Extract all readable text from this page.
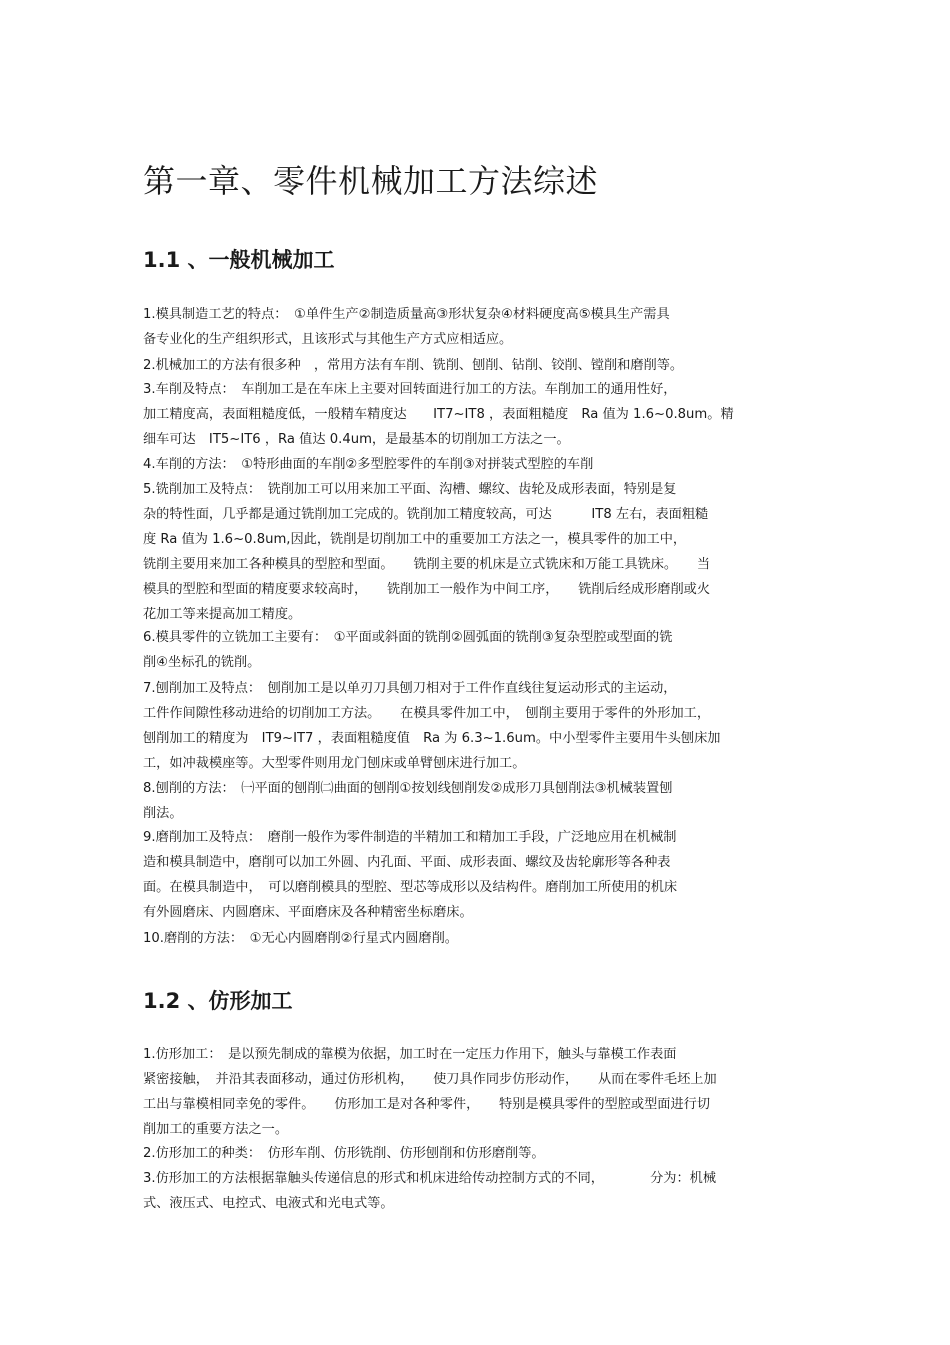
第一章、零件机械加工方法综述
1.1 、一般机械加工
1.模具制造工艺的特点：　①单件生产②制造质量高③形状复杂④材料硬度高⑤模具生产需具
备专业化的生产组织形式，且该形式与其他生产方式应相适应。
2.机械加工的方法有很多种　，常用方法有车削、铣削、刨削、钻削、铰削、镗削和磨削等。
3.车削及特点：　车削加工是在车床上主要对回转面进行加工的方法。车削加工的通用性好，
加工精度高，表面粗糙度低，一般精车精度达　　IT7~IT8 ，表面粗糙度　Ra 值为 1.6~0.8um。精
细车可达　IT5~IT6 ，Ra 值达 0.4um，是最基本的切削加工方法之一。
4.车削的方法：　①特形曲面的车削②多型腔零件的车削③对拼装式型腔的车削
5.铣削加工及特点：　铣削加工可以用来加工平面、沟槽、螺纹、齿轮及成形表面，特别是复
杂的特性面，几乎都是通过铣削加工完成的。铣削加工精度较高，可达　　　IT8 左右，表面粗糙
度 Ra 值为 1.6~0.8um,因此，铣削是切削加工中的重要加工方法之一，模具零件的加工中，
铣削主要用来加工各种模具的型腔和型面。　　铣削主要的机床是立式铣床和万能工具铣床。　　当
模具的型腔和型面的精度要求较高时，　　铣削加工一般作为中间工序，　　铣削后经成形磨削或火
花加工等来提高加工精度。
6.模具零件的立铣加工主要有：　①平面或斜面的铣削②圆弧面的铣削③复杂型腔或型面的铣
削④坐标孔的铣削。
7.刨削加工及特点：　刨削加工是以单刃刀具刨刀相对于工件作直线往复运动形式的主运动，
工件作间隙性移动进给的切削加工方法。　　在模具零件加工中，　刨削主要用于零件的外形加工，
刨削加工的精度为　IT9~IT7 ，表面粗糙度值　Ra 为 6.3~1.6um。中小型零件主要用牛头刨床加
工，如冲裁模座等。大型零件则用龙门刨床或单臂刨床进行加工。
8.刨削的方法：　㈠平面的刨削㈡曲面的刨削①按划线刨削发②成形刀具刨削法③机械装置刨
削法。
9.磨削加工及特点：　磨削一般作为零件制造的半精加工和精加工手段，广泛地应用在机械制
造和模具制造中，磨削可以加工外圆、内孔面、平面、成形表面、螺纹及齿轮廓形等各种表
面。在模具制造中，　可以磨削模具的型腔、型芯等成形以及结构件。磨削加工所使用的机床
有外圆磨床、内圆磨床、平面磨床及各种精密坐标磨床。
10.磨削的方法：　①无心内圆磨削②行星式内圆磨削。
1.2 、仿形加工
1.仿形加工：　是以预先制成的靠模为依据，加工时在一定压力作用下，触头与靠模工作表面
紧密接触，　并沿其表面移动，通过仿形机构，　　使刀具作同步仿形动作，　　从而在零件毛坯上加
工出与靠模相同幸免的零件。　　仿形加工是对各种零件，　　特别是模具零件的型腔或型面进行切
削加工的重要方法之一。
2.仿形加工的种类：　仿形车削、仿形铣削、仿形刨削和仿形磨削等。
3.仿形加工的方法根据靠触头传递信息的形式和机床进给传动控制方式的不同，　　　　分为：机械
式、液压式、电控式、电液式和光电式等。
